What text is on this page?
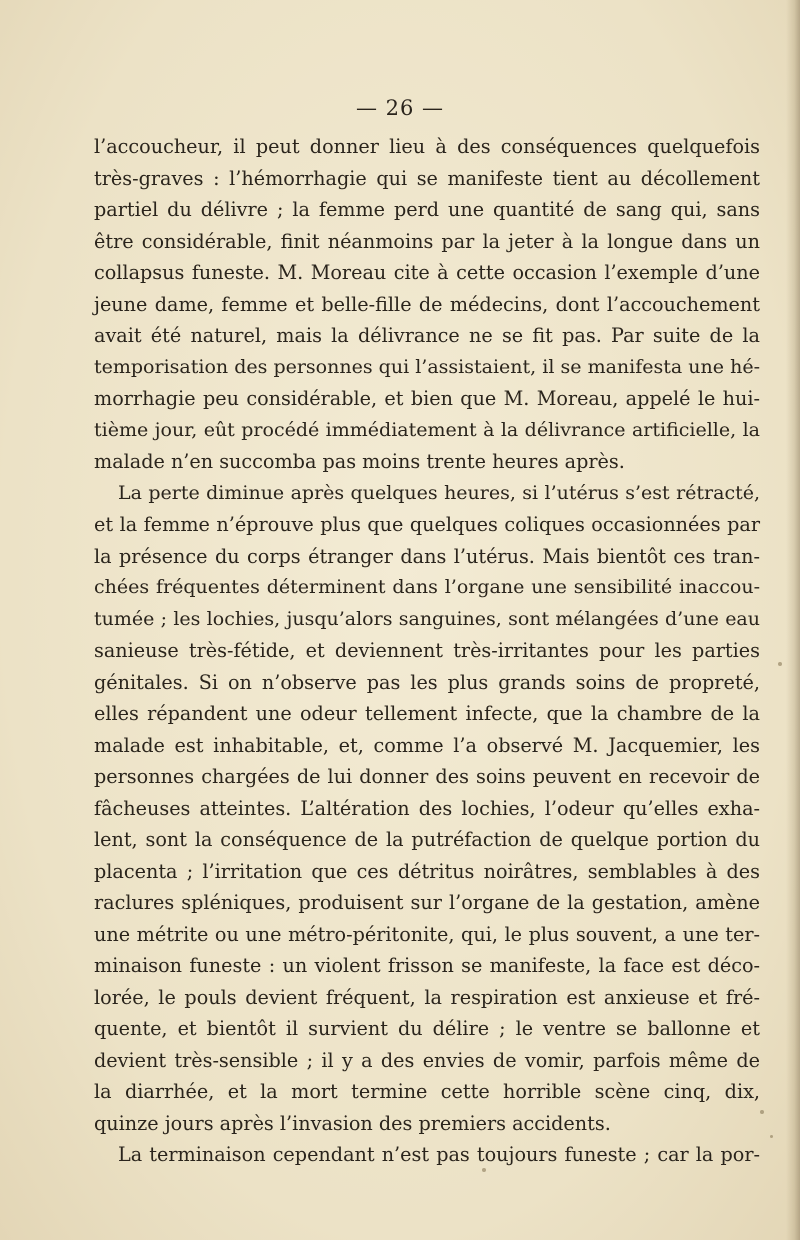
— 26 —
l’accoucheur, il peut donner lieu à des conséquences quelquefois
très-graves : l’hémorrhagie qui se manifeste tient au décollement
partiel du délivre ; la femme perd une quantité de sang qui, sans
être considérable, finit néanmoins par la jeter à la longue dans un
collapsus funeste. M. Moreau cite à cette occasion l’exemple d’une
jeune dame, femme et belle-fille de médecins, dont l’accouchement
avait été naturel, mais la délivrance ne se fit pas. Par suite de la
temporisation des personnes qui l’assistaient, il se manifesta une hé-
morrhagie peu considérable, et bien que M. Moreau, appelé le hui-
tième jour, eût procédé immédiatement à la délivrance artificielle, la
malade n’en succomba pas moins trente heures après.
La perte diminue après quelques heures, si l’utérus s’est rétracté,
et la femme n’éprouve plus que quelques coliques occasionnées par
la présence du corps étranger dans l’utérus. Mais bientôt ces tran-
chées fréquentes déterminent dans l’organe une sensibilité inaccou-
tumée ; les lochies, jusqu’alors sanguines, sont mélangées d’une eau
sanieuse très-fétide, et deviennent très-irritantes pour les parties
génitales. Si on n’observe pas les plus grands soins de propreté,
elles répandent une odeur tellement infecte, que la chambre de la
malade est inhabitable, et, comme l’a observé M. Jacquemier, les
personnes chargées de lui donner des soins peuvent en recevoir de
fâcheuses atteintes. L’altération des lochies, l’odeur qu’elles exha-
lent, sont la conséquence de la putréfaction de quelque portion du
placenta ; l’irritation que ces détritus noirâtres, semblables à des
raclures spléniques, produisent sur l’organe de la gestation, amène
une métrite ou une métro-péritonite, qui, le plus souvent, a une ter-
minaison funeste : un violent frisson se manifeste, la face est déco-
lorée, le pouls devient fréquent, la respiration est anxieuse et fré-
quente, et bientôt il survient du délire ; le ventre se ballonne et
devient très-sensible ; il y a des envies de vomir, parfois même de
la diarrhée, et la mort termine cette horrible scène cinq, dix,
quinze jours après l’invasion des premiers accidents.
La terminaison cependant n’est pas toujours funeste ; car la por-
